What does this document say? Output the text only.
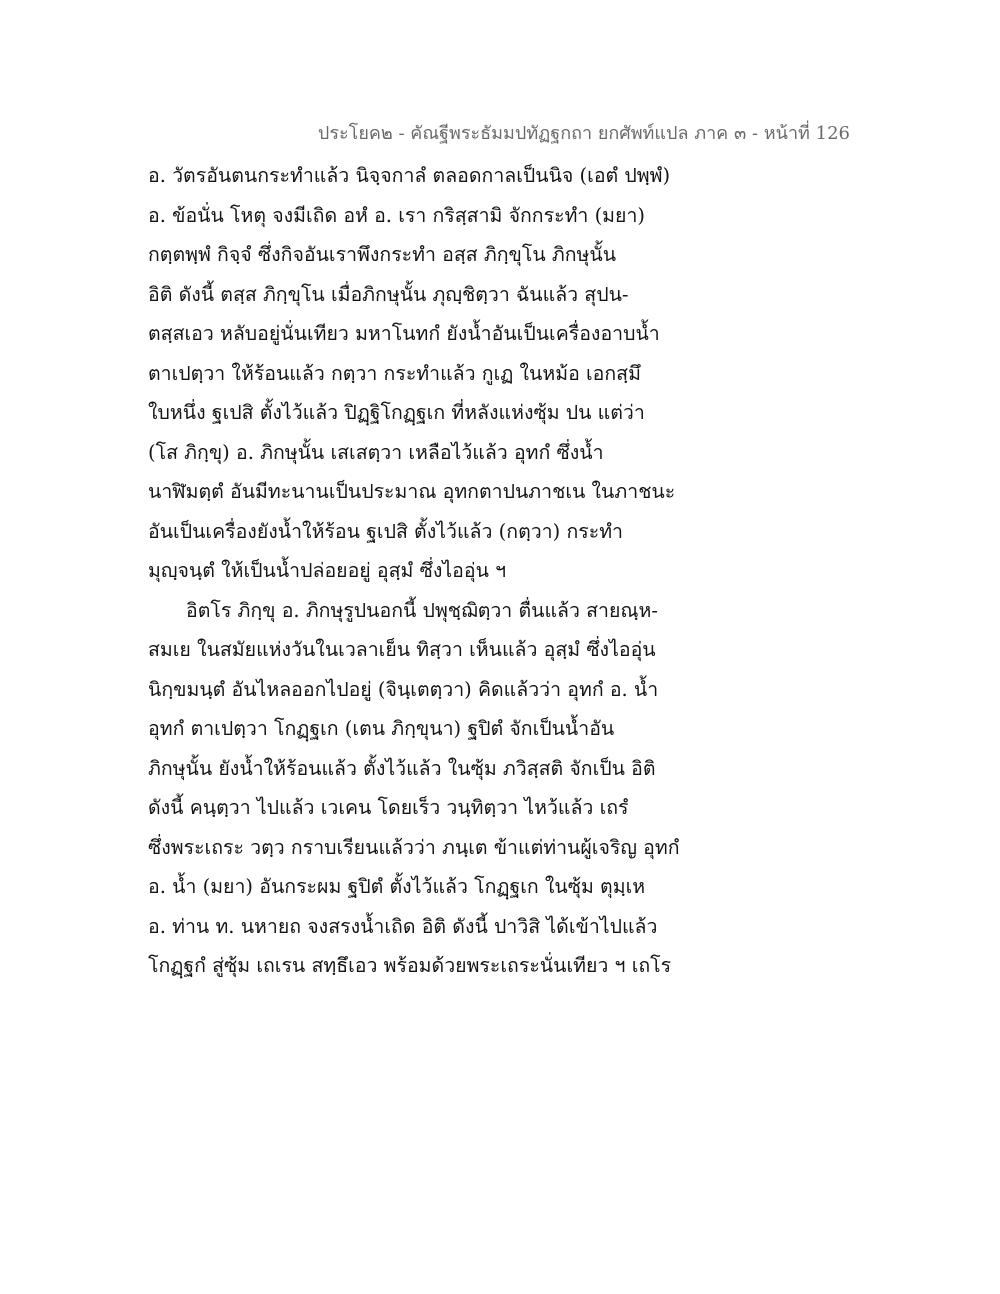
ประโยค๒ - คัณฐีพระธัมมปทัฏฐกถา ยกศัพท์แปล ภาค ๓ - หน้าที่ 126
อ. วัตรอันตนกระทำแล้ว นิจฺจกาลํ ตลอดกาลเป็นนิจ (เอตํ ปพฺพํ)
อ. ข้อนั่น โหตุ จงมีเถิด อหํ อ. เรา กริสฺสามิ จักกระทำ (มยา)
กตฺตพฺพํ กิจฺจํ ซึ่งกิจอันเราพึงกระทำ อสฺส ภิกฺขุโน ภิกษุนั้น
อิติ ดังนี้ ตสฺส ภิกฺขุโน เมื่อภิกษุนั้น ภุญฺชิตฺวา ฉันแล้ว สุปน-
ตสฺสเอว หลับอยู่นั่นเทียว มหาโนทกํ ยังน้ำอันเป็นเครื่องอาบน้ำ
ตาเปตฺวา ให้ร้อนแล้ว กตฺวา กระทำแล้ว กูเฏ ในหม้อ เอกสฺมึ
ใบหนึ่ง ฐเปสิ ตั้งไว้แล้ว ปิฏฺฐิโกฏฺฐเก ที่หลังแห่งซุ้ม ปน แต่ว่า
(โส ภิกฺขุ) อ. ภิกษุนั้น เสเสตฺวา เหลือไว้แล้ว อุทกํ ซึ่งน้ำ
นาฬิมตฺตํ อันมีทะนานเป็นประมาณ อุทกตาปนภาชเน ในภาชนะ
อันเป็นเครื่องยังน้ำให้ร้อน ฐเปสิ ตั้งไว้แล้ว (กตฺวา) กระทำ
มุญฺจนฺตํ ให้เป็นน้ำปล่อยอยู่ อุสฺมํ ซึ่งไออุ่น ฯ
อิตโร ภิกฺขุ อ. ภิกษุรูปนอกนี้ ปพุชฺฌิตฺวา ตื่นแล้ว สายณฺห-
สมเย ในสมัยแห่งวันในเวลาเย็น ทิสฺวา เห็นแล้ว อุสฺมํ ซึ่งไออุ่น
นิกฺขมนฺตํ อันไหลออกไปอยู่ (จินฺเตตฺวา) คิดแล้วว่า อุทกํ อ. น้ำ
อุทกํ ตาเปตฺวา โกฏฺฐเก (เตน ภิกฺขุนา) ฐปิตํ จักเป็นน้ำอัน
ภิกษุนั้น ยังน้ำให้ร้อนแล้ว ตั้งไว้แล้ว ในซุ้ม ภวิสฺสติ จักเป็น อิติ
ดังนี้ คนฺตฺวา ไปแล้ว เวเคน โดยเร็ว วนฺทิตฺวา ไหว้แล้ว เถรํ
ซึ่งพระเถระ วตฺว กราบเรียนแล้วว่า ภนฺเต ข้าแต่ท่านผู้เจริญ อุทกํ
อ. น้ำ (มยา) อันกระผม ฐปิตํ ตั้งไว้แล้ว โกฏฺฐเก ในซุ้ม ตุมฺเห
อ. ท่าน ท. นหายถ จงสรงน้ำเถิด อิติ ดังนี้ ปาวิสิ ได้เข้าไปแล้ว
โกฏฺฐกํ สู่ซุ้ม เถเรน สทฺธึเอว พร้อมด้วยพระเถระนั่นเทียว ฯ เถโร
